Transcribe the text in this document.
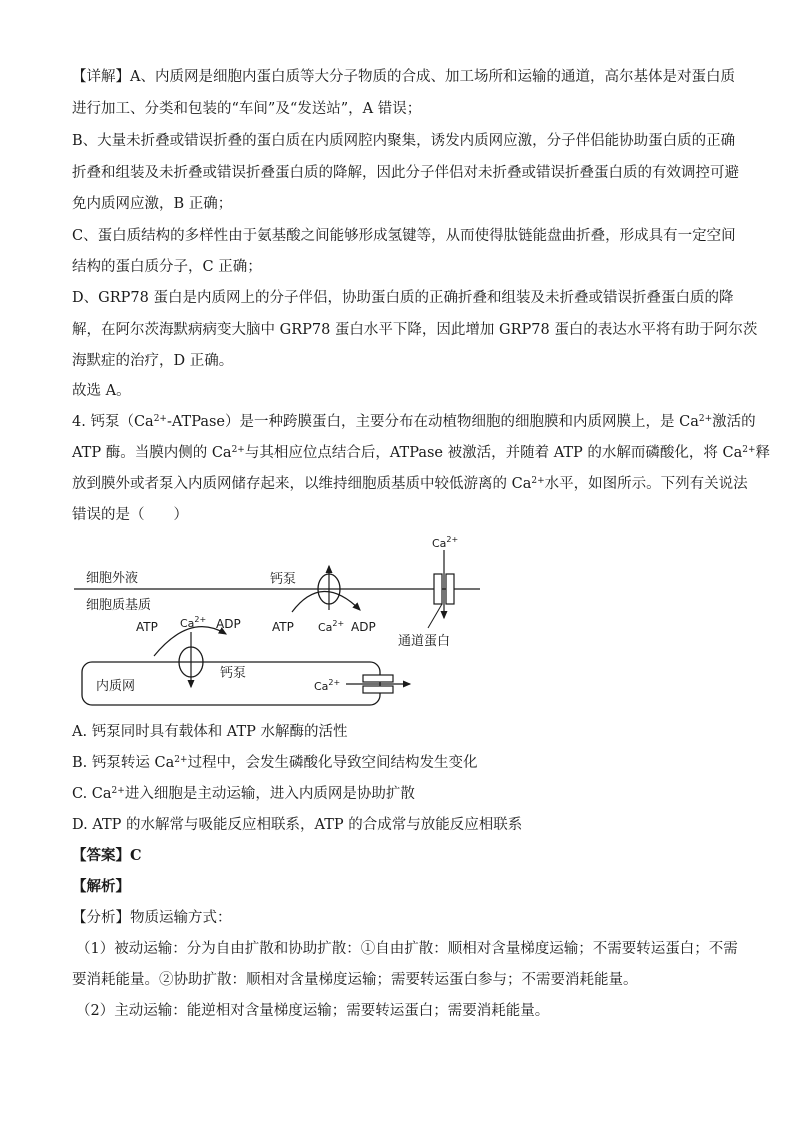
【详解】A、内质网是细胞内蛋白质等大分子物质的合成、加工场所和运输的通道，高尔基体是对蛋白质
进行加工、分类和包装的“车间”及“发送站”，A 错误；
B、大量未折叠或错误折叠的蛋白质在内质网腔内聚集，诱发内质网应激，分子伴侣能协助蛋白质的正确
折叠和组装及未折叠或错误折叠蛋白质的降解，因此分子伴侣对未折叠或错误折叠蛋白质的有效调控可避
免内质网应激，B 正确；
C、蛋白质结构的多样性由于氨基酸之间能够形成氢键等，从而使得肽链能盘曲折叠，形成具有一定空间
结构的蛋白质分子，C 正确；
D、GRP78 蛋白是内质网上的分子伴侣，协助蛋白质的正确折叠和组装及未折叠或错误折叠蛋白质的降
解，在阿尔茨海默病病变大脑中 GRP78 蛋白水平下降，因此增加 GRP78 蛋白的表达水平将有助于阿尔茨
海默症的治疗，D 正确。
故选 A。
4. 钙泵$(Ca^{2+}-ATPase)$是一种跨膜蛋白，主要分布在动植物细胞的细胞膜和内质网膜上，是 $Ca^{2+}$激活的
ATP 酶。当膜内侧的 $Ca^{2+}$与其相应位点结合后，ATPase 被激活，并随着 ATP 的水解而磷酸化，将 $Ca^{2+}$释
放到膜外或者泵入内质网储存起来，以维持细胞质基质中较低游离的 $Ca^{2+}$水平，如图所示。下列有关说法
错误的是（　　）
细胞外液
细胞质基质
钙泵
ATP $Ca^{2+}$ ADP
$Ca^{2+}$
通道蛋白
内质网
ATP $Ca^{2+}$ ADP
钙泵
$Ca^{2+}$
A. 钙泵同时具有载体和 ATP 水解酶的活性
B. 钙泵转运 $Ca^{2+}$过程中，会发生磷酸化导致空间结构发生变化
C. $Ca^{2+}$进入细胞是主动运输，进入内质网是协助扩散
D. ATP 的水解常与吸能反应相联系，ATP 的合成常与放能反应相联系
【答案】C
【解析】
【分析】物质运输方式：
（1）被动运输：分为自由扩散和协助扩散：①自由扩散：顺相对含量梯度运输；不需要转运蛋白；不需
要消耗能量。②协助扩散：顺相对含量梯度运输；需要转运蛋白参与；不需要消耗能量。
（2）主动运输：能逆相对含量梯度运输；需要转运蛋白；需要消耗能量。
